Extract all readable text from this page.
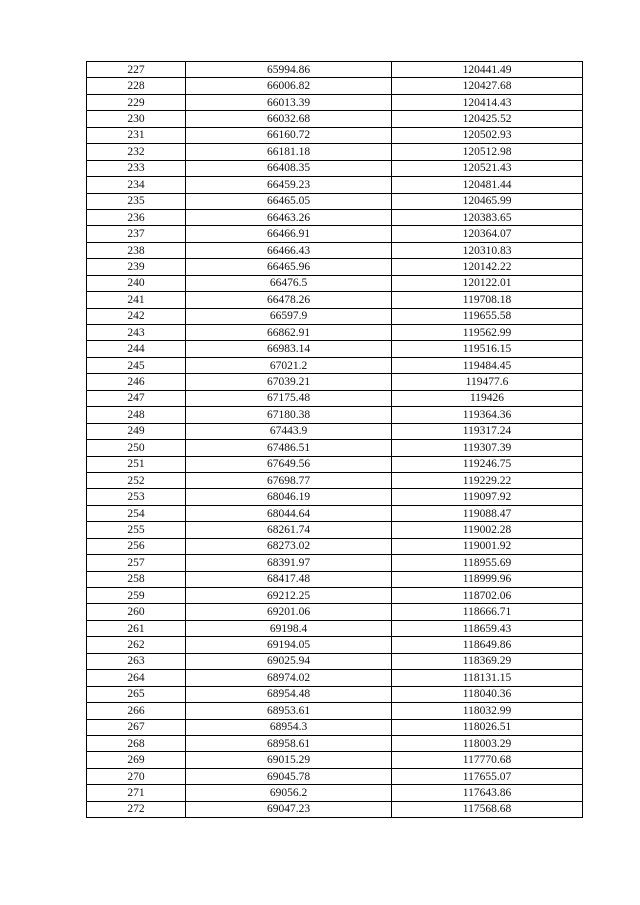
227	65994.86	120441.49
228	66006.82	120427.68
229	66013.39	120414.43
230	66032.68	120425.52
231	66160.72	120502.93
232	66181.18	120512.98
233	66408.35	120521.43
234	66459.23	120481.44
235	66465.05	120465.99
236	66463.26	120383.65
237	66466.91	120364.07
238	66466.43	120310.83
239	66465.96	120142.22
240	66476.5	120122.01
241	66478.26	119708.18
242	66597.9	119655.58
243	66862.91	119562.99
244	66983.14	119516.15
245	67021.2	119484.45
246	67039.21	119477.6
247	67175.48	119426
248	67180.38	119364.36
249	67443.9	119317.24
250	67486.51	119307.39
251	67649.56	119246.75
252	67698.77	119229.22
253	68046.19	119097.92
254	68044.64	119088.47
255	68261.74	119002.28
256	68273.02	119001.92
257	68391.97	118955.69
258	68417.48	118999.96
259	69212.25	118702.06
260	69201.06	118666.71
261	69198.4	118659.43
262	69194.05	118649.86
263	69025.94	118369.29
264	68974.02	118131.15
265	68954.48	118040.36
266	68953.61	118032.99
267	68954.3	118026.51
268	68958.61	118003.29
269	69015.29	117770.68
270	69045.78	117655.07
271	69056.2	117643.86
272	69047.23	117568.68
